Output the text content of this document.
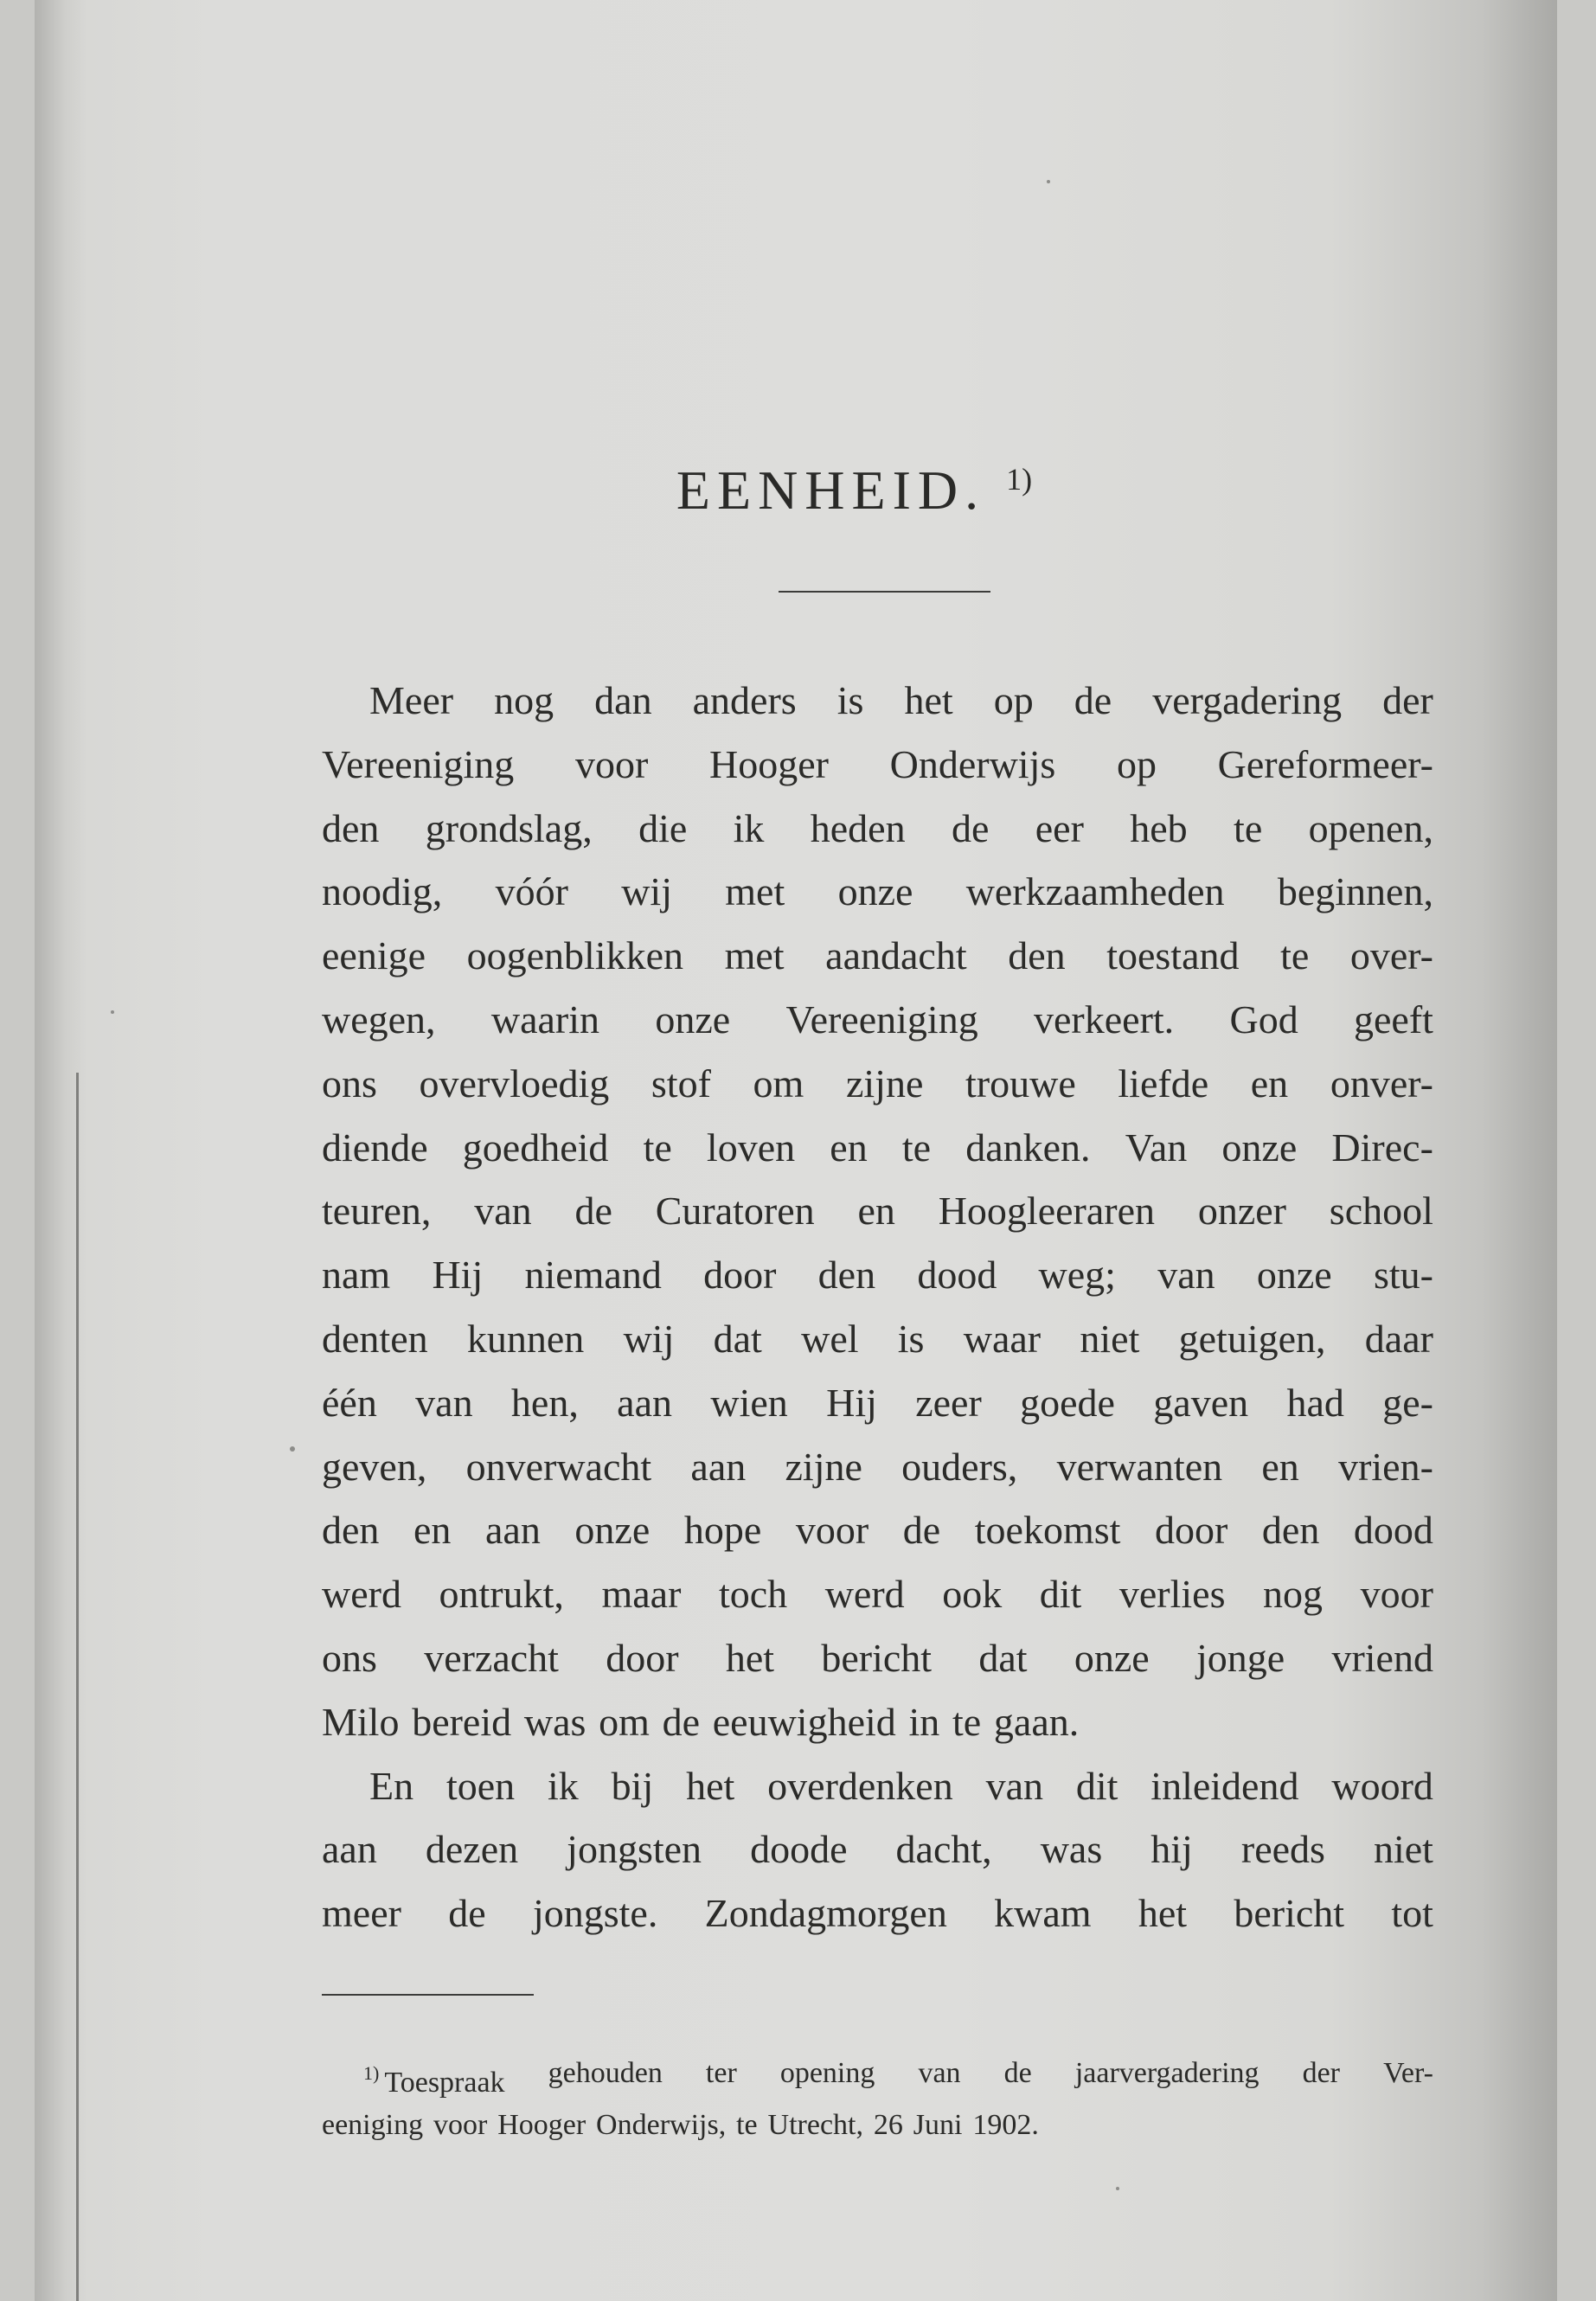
EENHEID. $^{1)}$
Meer nog dan anders is het op de vergadering der
Vereeniging voor Hooger Onderwijs op Gereformeer-
den grondslag, die ik heden de eer heb te openen,
noodig, vóór wij met onze werkzaamheden beginnen,
eenige oogenblikken met aandacht den toestand te over-
wegen, waarin onze Vereeniging verkeert. God geeft
ons overvloedig stof om zijne trouwe liefde en onver-
diende goedheid te loven en te danken. Van onze Direc-
teuren, van de Curatoren en Hoogleeraren onzer school
nam Hij niemand door den dood weg; van onze stu-
denten kunnen wij dat wel is waar niet getuigen, daar
één van hen, aan wien Hij zeer goede gaven had ge-
geven, onverwacht aan zijne ouders, verwanten en vrien-
den en aan onze hope voor de toekomst door den dood
werd ontrukt, maar toch werd ook dit verlies nog voor
ons verzacht door het bericht dat onze jonge vriend
Milo bereid was om de eeuwigheid in te gaan.
En toen ik bij het overdenken van dit inleidend woord
aan dezen jongsten doode dacht, was hij reeds niet
meer de jongste. Zondagmorgen kwam het bericht tot
$^{1)}$ Toespraak gehouden ter opening van de jaarvergadering der Ver-
eeniging voor Hooger Onderwijs, te Utrecht, 26 Juni 1902.
